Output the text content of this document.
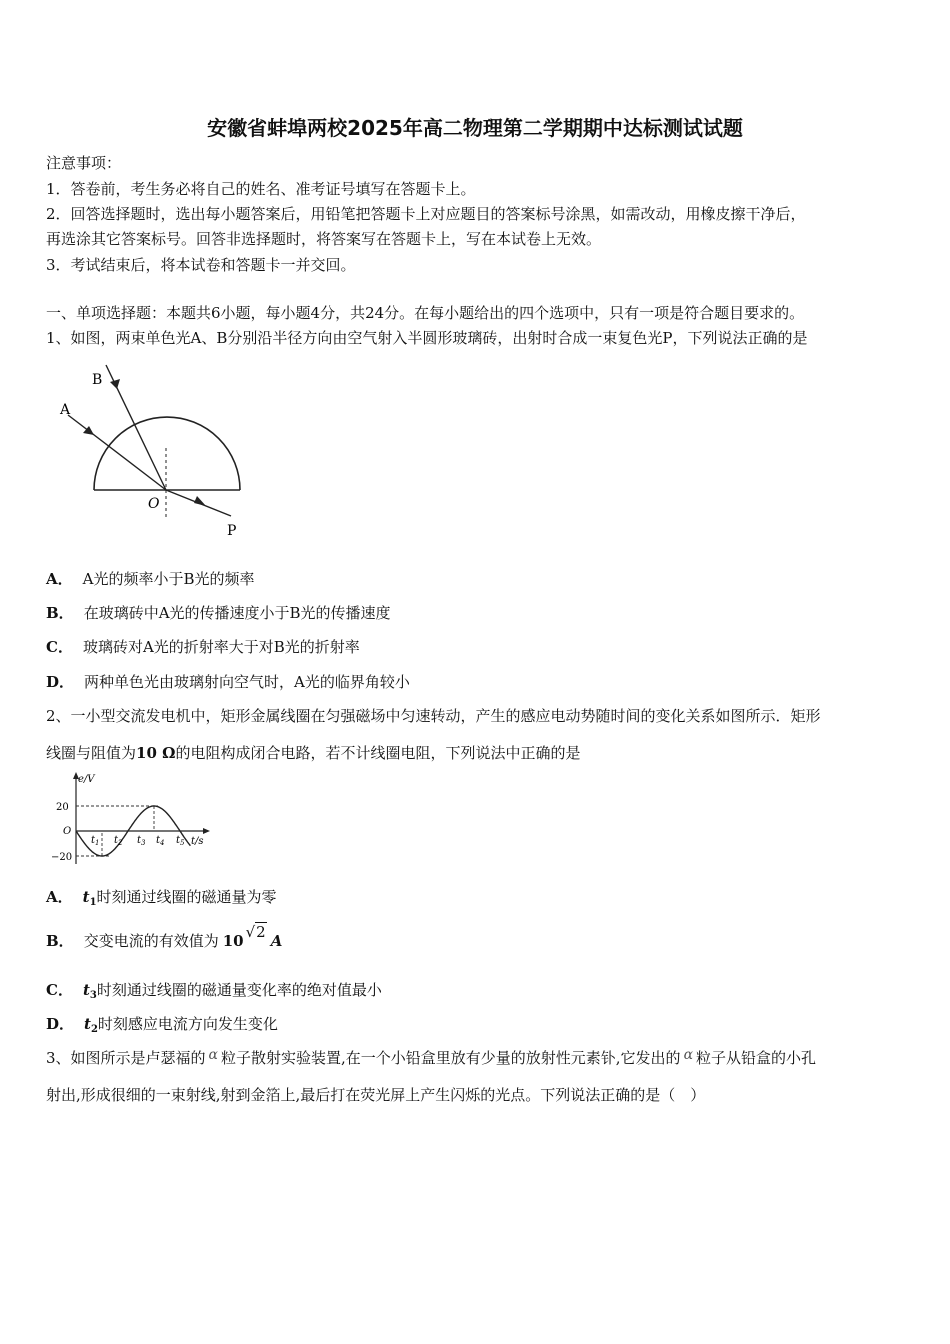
安徽省蚌埠两校2025年高二物理第二学期期中达标测试试题
注意事项：
1．答卷前，考生务必将自己的姓名、准考证号填写在答题卡上。
2．回答选择题时，选出每小题答案后，用铅笔把答题卡上对应题目的答案标号涂黑，如需改动，用橡皮擦干净后，
再选涂其它答案标号。回答非选择题时，将答案写在答题卡上，写在本试卷上无效。
3．考试结束后，将本试卷和答题卡一并交回。
一、单项选择题：本题共6小题，每小题4分，共24分。在每小题给出的四个选项中，只有一项是符合题目要求的。
1、如图，两束单色光A、B分别沿半径方向由空气射入半圆形玻璃砖，出射时合成一束复色光P，下列说法正确的是
A
B
O
P
A． A光的频率小于B光的频率
B． 在玻璃砖中A光的传播速度小于B光的传播速度
C． 玻璃砖对A光的折射率大于对B光的折射率
D． 两种单色光由玻璃射向空气时，A光的临界角较小
2、一小型交流发电机中，矩形金属线圈在匀强磁场中匀速转动，产生的感应电动势随时间的变化关系如图所示．矩形
线圈与阻值为10 Ω的电阻构成闭合电路，若不计线圈电阻，下列说法中正确的是
e/V
t/s
20
O
−20
$t_1$ $t_2$ $t_3$ $t_4$ $t_5$
A． $t_1$时刻通过线圈的磁通量为零
B． 交变电流的有效值为 10 √2 A
C． $t_3$时刻通过线圈的磁通量变化率的绝对值最小
D． $t_2$时刻感应电流方向发生变化
3、如图所示是卢瑟福的 α 粒子散射实验装置,在一个小铅盒里放有少量的放射性元素钋,它发出的 α 粒子从铅盒的小孔
射出,形成很细的一束射线,射到金箔上,最后打在荧光屏上产生闪烁的光点。下列说法正确的是（　）
